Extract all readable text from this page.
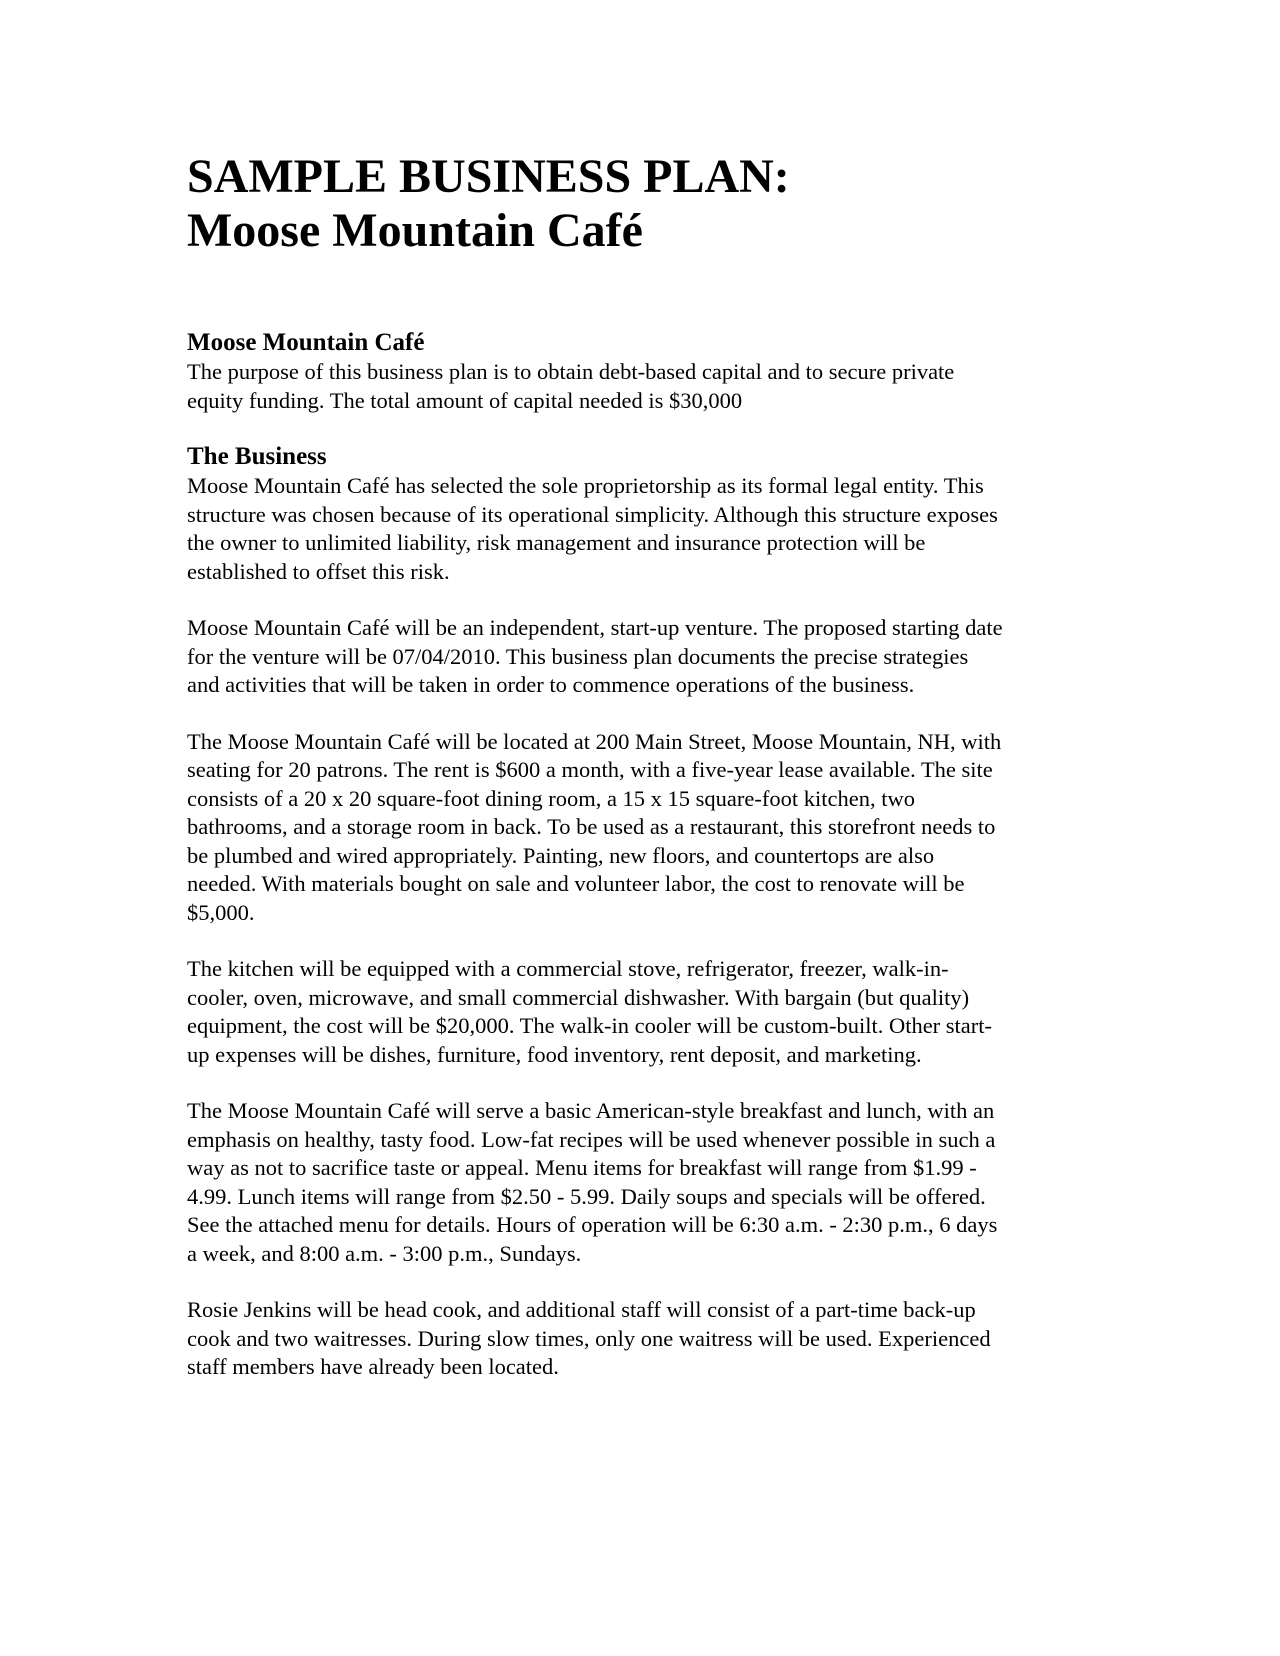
SAMPLE BUSINESS PLAN:
Moose Mountain Café
Moose Mountain Café

The purpose of this business plan is to obtain debt-based capital and to secure private
equity funding. The total amount of capital needed is $30,000

The Business

Moose Mountain Café has selected the sole proprietorship as its formal legal entity. This
structure was chosen because of its operational simplicity. Although this structure exposes
the owner to unlimited liability, risk management and insurance protection will be
established to offset this risk.

Moose Mountain Café will be an independent, start-up venture. The proposed starting date
for the venture will be 07/04/2010. This business plan documents the precise strategies
and activities that will be taken in order to commence operations of the business.

The Moose Mountain Café will be located at 200 Main Street, Moose Mountain, NH, with
seating for 20 patrons. The rent is $600 a month, with a five-year lease available. The site
consists of a 20 x 20 square-foot dining room, a 15 x 15 square-foot kitchen, two
bathrooms, and a storage room in back. To be used as a restaurant, this storefront needs to
be plumbed and wired appropriately. Painting, new floors, and countertops are also
needed. With materials bought on sale and volunteer labor, the cost to renovate will be
$5,000.

The kitchen will be equipped with a commercial stove, refrigerator, freezer, walk-in-
cooler, oven, microwave, and small commercial dishwasher. With bargain (but quality)
equipment, the cost will be $20,000. The walk-in cooler will be custom-built. Other start-
up expenses will be dishes, furniture, food inventory, rent deposit, and marketing.

The Moose Mountain Café will serve a basic American-style breakfast and lunch, with an
emphasis on healthy, tasty food. Low-fat recipes will be used whenever possible in such a
way as not to sacrifice taste or appeal. Menu items for breakfast will range from $1.99 -
4.99. Lunch items will range from $2.50 - 5.99. Daily soups and specials will be offered.
See the attached menu for details. Hours of operation will be 6:30 a.m. - 2:30 p.m., 6 days
a week, and 8:00 a.m. - 3:00 p.m., Sundays.

Rosie Jenkins will be head cook, and additional staff will consist of a part-time back-up
cook and two waitresses. During slow times, only one waitress will be used. Experienced
staff members have already been located.
